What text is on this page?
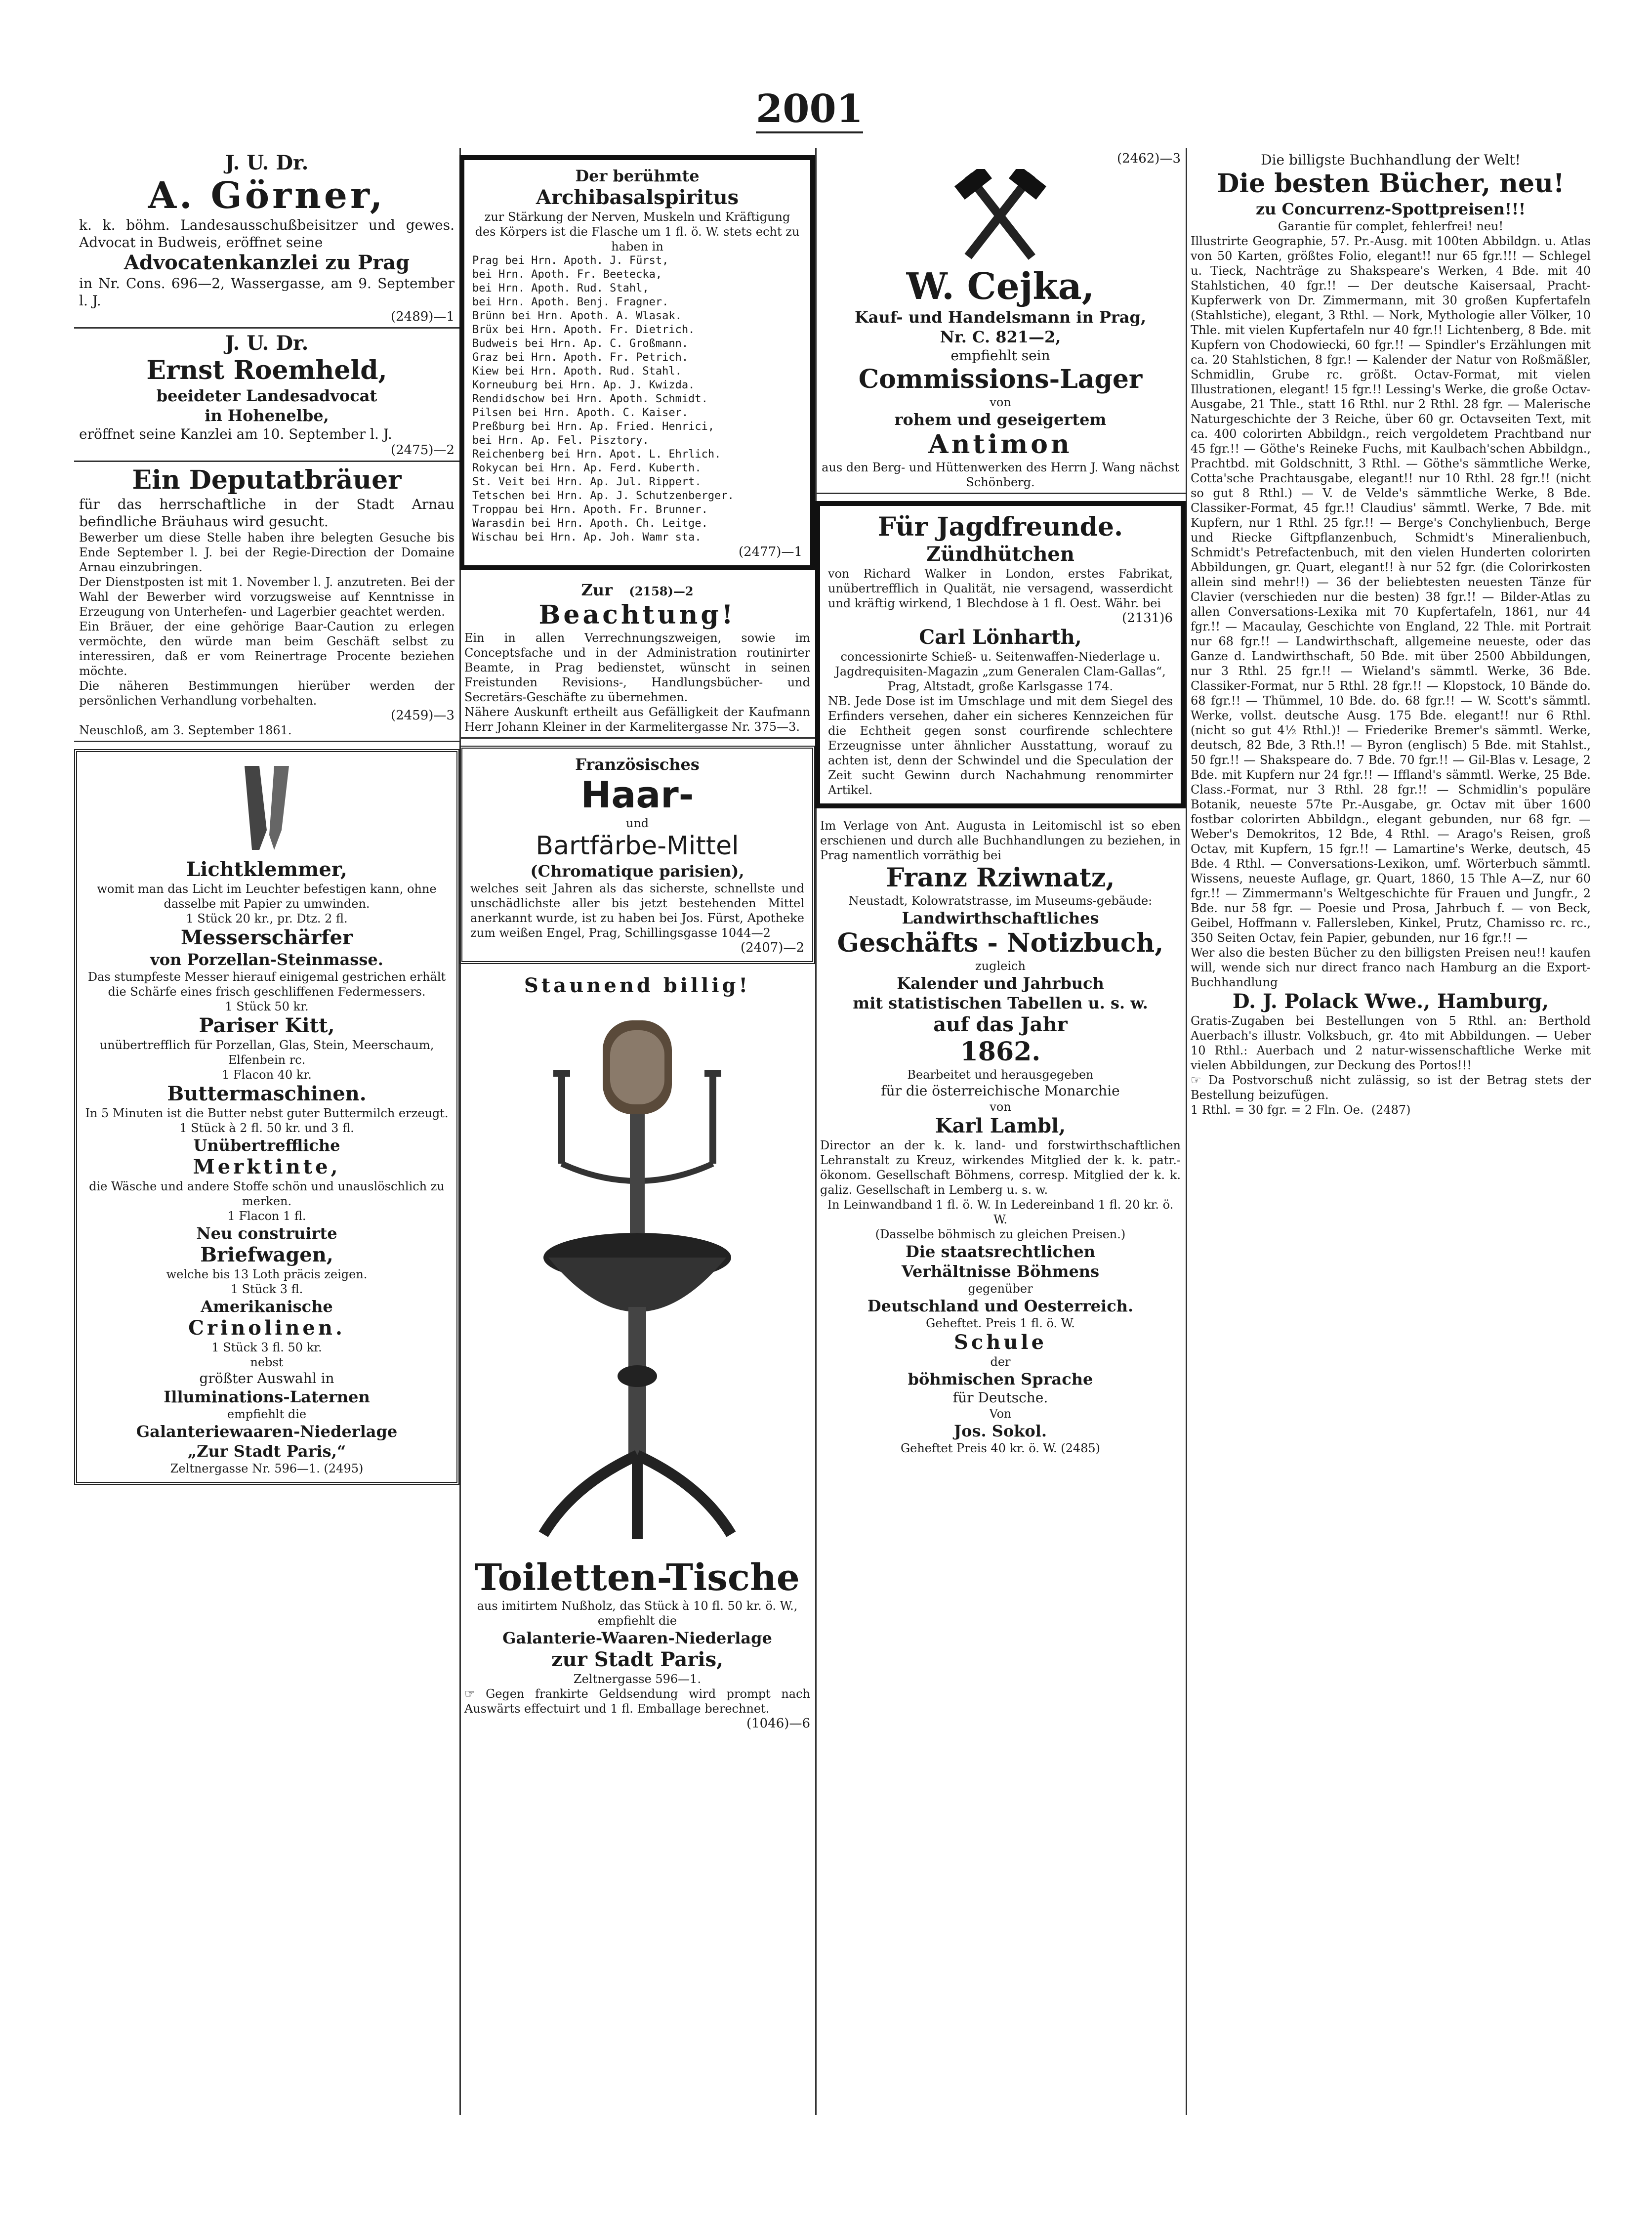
2001

J. U. Dr.

A. Görner,

k. k. böhm. Landesausschußbeisitzer und gewes. Advocat in Budweis, eröffnet seine

Advocatenkanzlei zu Prag

in Nr. Cons. 696—2, Wassergasse, am 9. September l. J.

(2489)—1

J. U. Dr.

Ernst Roemheld,

beeideter Landesadvocat

in Hohenelbe,

eröffnet seine Kanzlei am 10. September l. J.

(2475)—2

Ein Deputatbräuer

für das herrschaftliche in der Stadt Arnau befindliche Bräuhaus wird gesucht.

Bewerber um diese Stelle haben ihre belegten Gesuche bis Ende September l. J. bei der Regie-Direction der Domaine Arnau einzubringen.

Der Dienstposten ist mit 1. November l. J. anzutreten. Bei der Wahl der Bewerber wird vorzugsweise auf Kenntnisse in Erzeugung von Unterhefen- und Lagerbier geachtet werden.

Ein Bräuer, der eine gehörige Baar-Caution zu erlegen vermöchte, den würde man beim Geschäft selbst zu interessiren, daß er vom Reinertrage Procente beziehen möchte.

Die näheren Bestimmungen hierüber werden der persönlichen Verhandlung vorbehalten.

(2459)—3

Neuschloß, am 3. September 1861.

Lichtklemmer,

womit man das Licht im Leuchter befestigen kann, ohne dasselbe mit Papier zu umwinden.

1 Stück 20 kr., pr. Dtz. 2 fl.

Messerschärfer

von Porzellan-Steinmasse.

Das stumpfeste Messer hierauf einigemal gestrichen erhält die Schärfe eines frisch geschliffenen Federmessers.

1 Stück 50 kr.

Pariser Kitt,

unübertrefflich für Porzellan, Glas, Stein, Meerschaum, Elfenbein rc.

1 Flacon 40 kr.

Buttermaschinen.

In 5 Minuten ist die Butter nebst guter Buttermilch erzeugt.

1 Stück à 2 fl. 50 kr. und 3 fl.

Unübertreffliche

Merktinte,

die Wäsche und andere Stoffe schön und unauslöschlich zu merken.

1 Flacon 1 fl.

Neu construirte

Briefwagen,

welche bis 13 Loth präcis zeigen.

1 Stück 3 fl.

Amerikanische

Crinolinen.

1 Stück 3 fl. 50 kr.

nebst

größter Auswahl in

Illuminations-Laternen

empfiehlt die

Galanteriewaaren-Niederlage

„Zur Stadt Paris,“

Zeltnergasse Nr. 596—1. (2495)

Der berühmte

Archibasalspiritus

zur Stärkung der Nerven, Muskeln und Kräftigung des Körpers ist die Flasche um 1 fl. ö. W. stets echt zu haben in

Prag bei Hrn. Apoth. J. Fürst,

bei Hrn. Apoth. Fr. Beetecka,

bei Hrn. Apoth. Rud. Stahl,

bei Hrn. Apoth. Benj. Fragner.

Brünn bei Hrn. Apoth. A. Wlasak.

Brüx bei Hrn. Apoth. Fr. Dietrich.

Budweis bei Hrn. Ap. C. Großmann.

Graz bei Hrn. Apoth. Fr. Petrich.

Kiew bei Hrn. Apoth. Rud. Stahl.

Korneuburg bei Hrn. Ap. J. Kwizda.

Rendidschow bei Hrn. Apoth. Schmidt.

Pilsen bei Hrn. Apoth. C. Kaiser.

Preßburg bei Hrn. Ap. Fried. Henrici,

bei Hrn. Ap. Fel. Pisztory.

Reichenberg bei Hrn. Apot. L. Ehrlich.

Rokycan bei Hrn. Ap. Ferd. Kuberth.

St. Veit bei Hrn. Ap. Jul. Rippert.

Tetschen bei Hrn. Ap. J. Schutzenberger.

Troppau bei Hrn. Apoth. Fr. Brunner.

Warasdin bei Hrn. Apoth. Ch. Leitge.

Wischau bei Hrn. Ap. Joh. Wamr sta.

(2477)—1

Zur (2158)—2

Beachtung!

Ein in allen Verrechnungszweigen, sowie im Conceptsfache und in der Administration routinirter Beamte, in Prag bedienstet, wünscht in seinen Freistunden Revisions-, Handlungsbücher- und Secretärs-Geschäfte zu übernehmen.

Nähere Auskunft ertheilt aus Gefälligkeit der Kaufmann Herr Johann Kleiner in der Karmelitergasse Nr. 375—3.

Französisches

Haar-

und

Bartfärbe-Mittel

(Chromatique parisien),

welches seit Jahren als das sicherste, schnellste und unschädlichste aller bis jetzt bestehenden Mittel anerkannt wurde, ist zu haben bei Jos. Fürst, Apotheke zum weißen Engel, Prag, Schillingsgasse 1044—2

(2407)—2

Staunend billig!

Toiletten-Tische

aus imitirtem Nußholz, das Stück à 10 fl. 50 kr. ö. W., empfiehlt die

Galanterie-Waaren-Niederlage

zur Stadt Paris,

Zeltnergasse 596—1.

☞ Gegen frankirte Geldsendung wird prompt nach Auswärts effectuirt und 1 fl. Emballage berechnet.

(1046)—6

(2462)—3

W. Cejka,

Kauf- und Handelsmann in Prag,

Nr. C. 821—2,

empfiehlt sein

Commissions-Lager

von

rohem und geseigertem

Antimon

aus den Berg- und Hüttenwerken des Herrn J. Wang nächst Schönberg.

Für Jagdfreunde.

Zündhütchen

von Richard Walker in London, erstes Fabrikat, unübertrefflich in Qualität, nie versagend, wasserdicht und kräftig wirkend, 1 Blechdose à 1 fl. Oest. Währ. bei

(2131)6

Carl Lönharth,

concessionirte Schieß- u. Seitenwaffen-Niederlage u. Jagdrequisiten-Magazin „zum Generalen Clam-Gallas“, Prag, Altstadt, große Karlsgasse 174.

NB. Jede Dose ist im Umschlage und mit dem Siegel des Erfinders versehen, daher ein sicheres Kennzeichen für die Echtheit gegen sonst courfirende schlechtere Erzeugnisse unter ähnlicher Ausstattung, worauf zu achten ist, denn der Schwindel und die Speculation der Zeit sucht Gewinn durch Nachahmung renommirter Artikel.

Im Verlage von Ant. Augusta in Leitomischl ist so eben erschienen und durch alle Buchhandlungen zu beziehen, in Prag namentlich vorräthig bei

Franz Rziwnatz,

Neustadt, Kolowratstrasse, im Museums-gebäude:

Landwirthschaftliches

Geschäfts - Notizbuch,

zugleich

Kalender und Jahrbuch

mit statistischen Tabellen u. s. w.

auf das Jahr

1862.

Bearbeitet und herausgegeben

für die österreichische Monarchie

von

Karl Lambl,

Director an der k. k. land- und forstwirthschaftlichen Lehranstalt zu Kreuz, wirkendes Mitglied der k. k. patr.-ökonom. Gesellschaft Böhmens, corresp. Mitglied der k. k. galiz. Gesellschaft in Lemberg u. s. w.

In Leinwandband 1 fl. ö. W. In Ledereinband 1 fl. 20 kr. ö. W.

(Dasselbe böhmisch zu gleichen Preisen.)

Die staatsrechtlichen

Verhältnisse Böhmens

gegenüber

Deutschland und Oesterreich.

Geheftet. Preis 1 fl. ö. W.

Schule

der

böhmischen Sprache

für Deutsche.

Von

Jos. Sokol.

Geheftet Preis 40 kr. ö. W. (2485)

Die billigste Buchhandlung der Welt!

Die besten Bücher, neu!

zu Concurrenz-Spottpreisen!!!

Garantie für complet, fehlerfrei! neu!

Illustrirte Geographie, 57. Pr.-Ausg. mit 100ten Abbildgn. u. Atlas von 50 Karten, größtes Folio, elegant!! nur 65 fgr.!!! — Schlegel u. Tieck, Nachträge zu Shakspeare's Werken, 4 Bde. mit 40 Stahlstichen, 40 fgr.!! — Der deutsche Kaisersaal, Pracht-Kupferwerk von Dr. Zimmermann, mit 30 großen Kupfertafeln (Stahlstiche), elegant, 3 Rthl. — Nork, Mythologie aller Völker, 10 Thle. mit vielen Kupfertafeln nur 40 fgr.!! Lichtenberg, 8 Bde. mit Kupfern von Chodowiecki, 60 fgr.!! — Spindler's Erzählungen mit ca. 20 Stahlstichen, 8 fgr.! — Kalender der Natur von Roßmäßler, Schmidlin, Grube rc. größt. Octav-Format, mit vielen Illustrationen, elegant! 15 fgr.!! Lessing's Werke, die große Octav-Ausgabe, 21 Thle., statt 16 Rthl. nur 2 Rthl. 28 fgr. — Malerische Naturgeschichte der 3 Reiche, über 60 gr. Octavseiten Text, mit ca. 400 colorirten Abbildgn., reich vergoldetem Prachtband nur 45 fgr.!! — Göthe's Reineke Fuchs, mit Kaulbach'schen Abbildgn., Prachtbd. mit Goldschnitt, 3 Rthl. — Göthe's sämmtliche Werke, Cotta'sche Prachtausgabe, elegant!! nur 10 Rthl. 28 fgr.!! (nicht so gut 8 Rthl.) — V. de Velde's sämmtliche Werke, 8 Bde. Classiker-Format, 45 fgr.!! Claudius' sämmtl. Werke, 7 Bde. mit Kupfern, nur 1 Rthl. 25 fgr.!! — Berge's Conchylienbuch, Berge und Riecke Giftpflanzenbuch, Schmidt's Mineralienbuch, Schmidt's Petrefactenbuch, mit den vielen Hunderten colorirten Abbildungen, gr. Quart, elegant!! à nur 52 fgr. (die Colorirkosten allein sind mehr!!) — 36 der beliebtesten neuesten Tänze für Clavier (verschieden nur die besten) 38 fgr.!! — Bilder-Atlas zu allen Conversations-Lexika mit 70 Kupfertafeln, 1861, nur 44 fgr.!! — Macaulay, Geschichte von England, 22 Thle. mit Portrait nur 68 fgr.!! — Landwirthschaft, allgemeine neueste, oder das Ganze d. Landwirthschaft, 50 Bde. mit über 2500 Abbildungen, nur 3 Rthl. 25 fgr.!! — Wieland's sämmtl. Werke, 36 Bde. Classiker-Format, nur 5 Rthl. 28 fgr.!! — Klopstock, 10 Bände do. 68 fgr.!! — Thümmel, 10 Bde. do. 68 fgr.!! — W. Scott's sämmtl. Werke, vollst. deutsche Ausg. 175 Bde. elegant!! nur 6 Rthl. (nicht so gut 4½ Rthl.)! — Friederike Bremer's sämmtl. Werke, deutsch, 82 Bde, 3 Rth.!! — Byron (englisch) 5 Bde. mit Stahlst., 50 fgr.!! — Shakspeare do. 7 Bde. 70 fgr.!! — Gil-Blas v. Lesage, 2 Bde. mit Kupfern nur 24 fgr.!! — Iffland's sämmtl. Werke, 25 Bde. Class.-Format, nur 3 Rthl. 28 fgr.!! — Schmidlin's populäre Botanik, neueste 57te Pr.-Ausgabe, gr. Octav mit über 1600 fostbar colorirten Abbildgn., elegant gebunden, nur 68 fgr. — Weber's Demokritos, 12 Bde, 4 Rthl. — Arago's Reisen, groß Octav, mit Kupfern, 15 fgr.!! — Lamartine's Werke, deutsch, 45 Bde. 4 Rthl. — Conversations-Lexikon, umf. Wörterbuch sämmtl. Wissens, neueste Auflage, gr. Quart, 1860, 15 Thle A—Z, nur 60 fgr.!! — Zimmermann's Weltgeschichte für Frauen und Jungfr., 2 Bde. nur 58 fgr. — Poesie und Prosa, Jahrbuch f. — von Beck, Geibel, Hoffmann v. Fallersleben, Kinkel, Prutz, Chamisso rc. rc., 350 Seiten Octav, fein Papier, gebunden, nur 16 fgr.!! —

Wer also die besten Bücher zu den billigsten Preisen neu!! kaufen will, wende sich nur direct franco nach Hamburg an die Export-Buchhandlung

D. J. Polack Wwe., Hamburg,

Gratis-Zugaben bei Bestellungen von 5 Rthl. an: Berthold Auerbach's illustr. Volksbuch, gr. 4to mit Abbildungen. — Ueber 10 Rthl.: Auerbach und 2 natur-wissenschaftliche Werke mit vielen Abbildungen, zur Deckung des Portos!!!

☞ Da Postvorschuß nicht zulässig, so ist der Betrag stets der Bestellung beizufügen.

1 Rthl. = 30 fgr. = 2 Fln. Oe. (2487)
